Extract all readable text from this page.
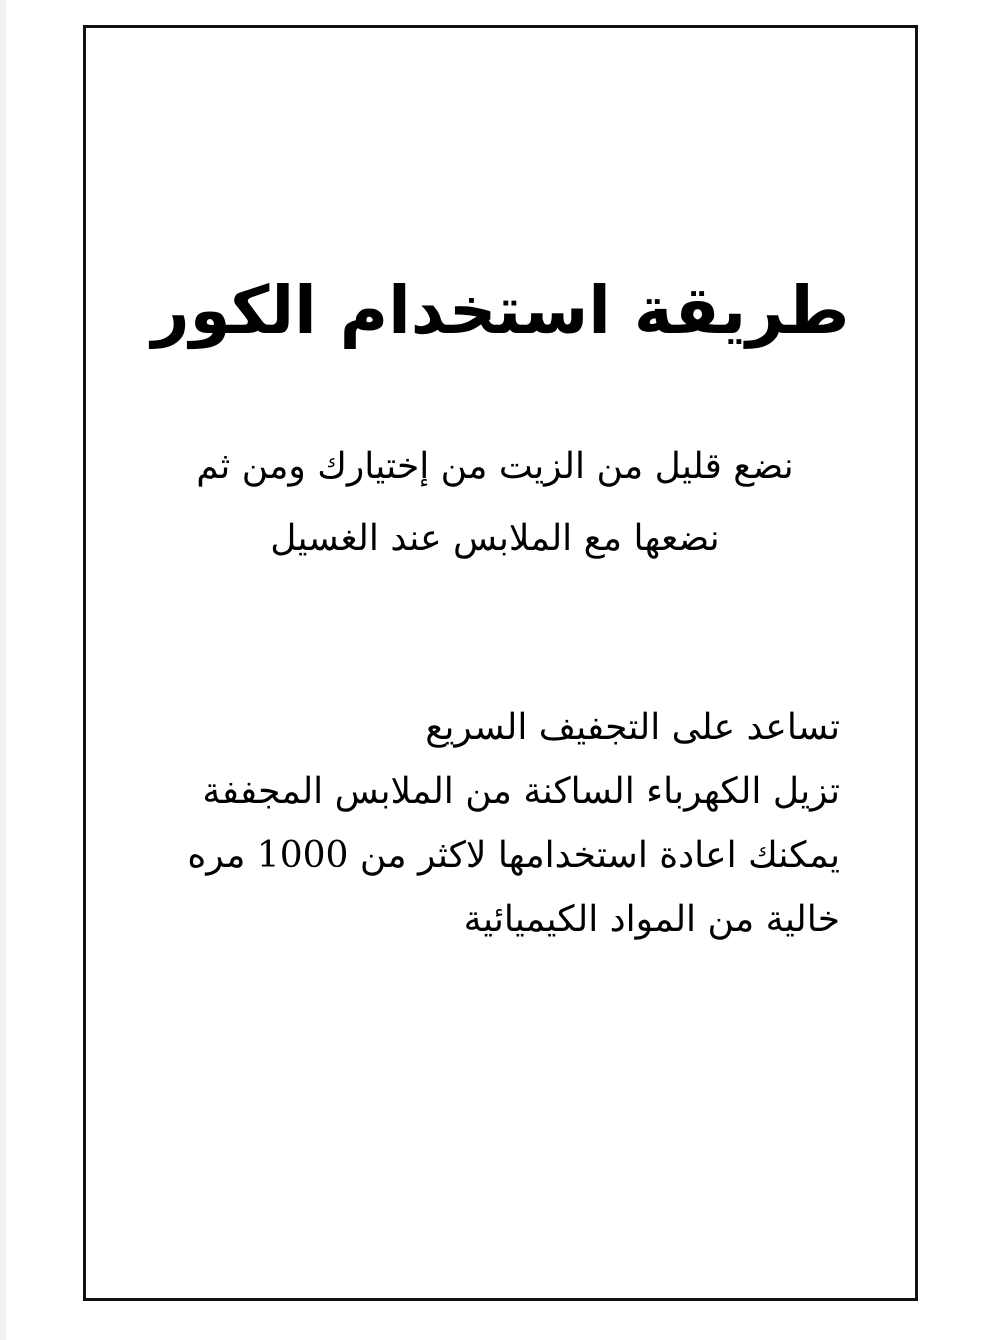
طريقة استخدام الكور
نضع قليل من الزيت من إختيارك ومن ثم
نضعها مع الملابس عند الغسيل
تساعد على التجفيف السريع
تزيل الكهرباء الساكنة من الملابس المجففة
يمكنك اعادة استخدامها لاكثر من 1000 مره
خالية من المواد الكيميائية
